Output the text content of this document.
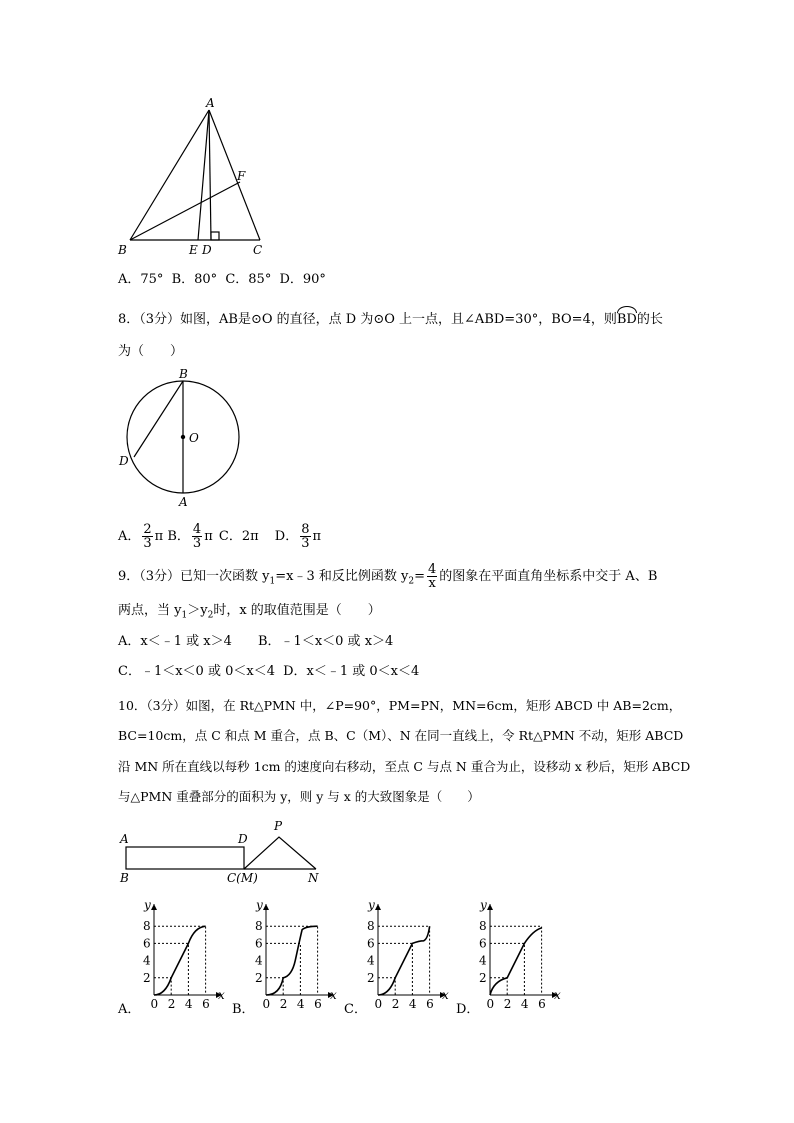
A
B	C
E D
F
A．75° B．80° C．85° D．90°
8．（3分）如图，AB是⊙O 的直径，点 D 为⊙O 上一点，且∠ABD=30°，BO=4，则BD的长
为（　　）
B
O
D
A
A． $\frac{2}{3}$ π B． $\frac{4}{3}$ π C．2π D． $\frac{8}{3}$ π
9．（3分）已知一次函数 $y_1=x﹣3$ 和反比例函数 $y_2= \frac{4}{x}$ 的图象在平面直角坐标系中交于 A、B
两点，当 $y_1>y_2$时，x 的取值范围是（　　）
A．x＜﹣1 或 x＞4 B．﹣1＜x＜0 或 x＞4
C．﹣1＜x＜0 或 0＜x＜4 D．x＜﹣1 或 0＜x＜4
10．（3分）如图，在 Rt△PMN 中，∠P=90°，PM=PN，MN=6cm，矩形 ABCD 中 AB=2cm，
BC=10cm，点 C 和点 M 重合，点 B、C（M）、N 在同一直线上，令 Rt△PMN 不动，矩形 ABCD
沿 MN 所在直线以每秒 1cm 的速度向右移动，至点 C 与点 N 重合为止，设移动 x 秒后，矩形 ABCD
与△PMN 重叠部分的面积为 y，则 y 与 x 的大致图象是（　　）
A	D
P
B	C(M)	N
A．
y
x
8
6
4
2
0 2 4 6 B．
y
x
8
6
4
2
0 2 4 6 C．
y
x
8
6
4
2
0 2 4 6 D．
y
x
8
6
4
2
0 2 4 6
